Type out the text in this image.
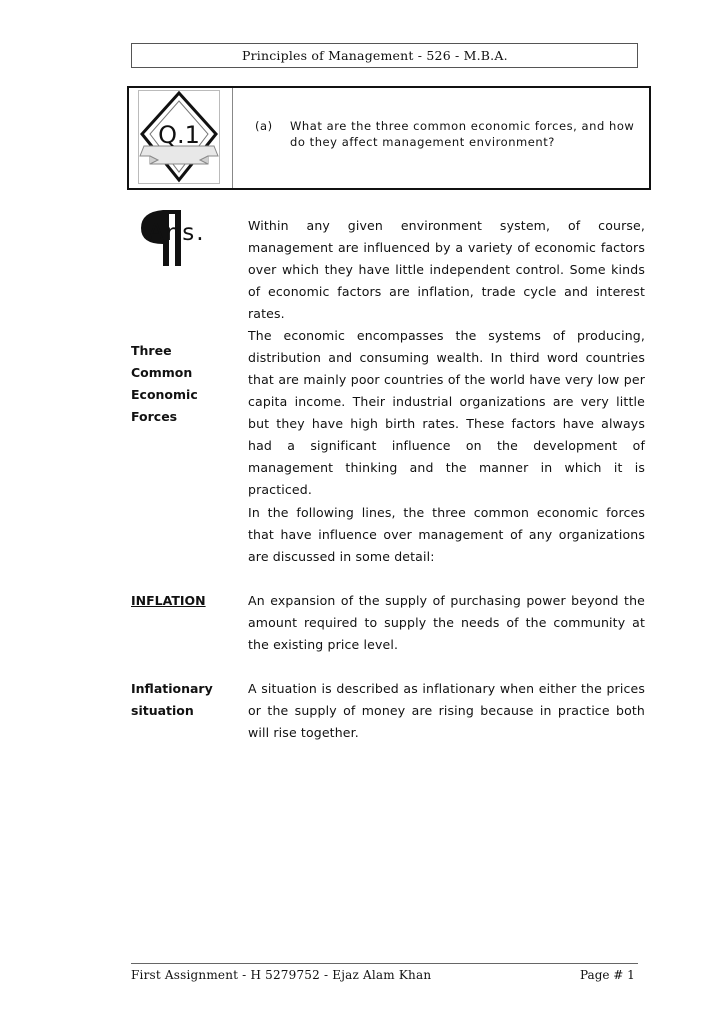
Principles of Management - 526 - M.B.A.
Q.1	(a) What are the three common economic forces, and how do they affect management environment?
Ans.	Within any given environment system, of course, management are influenced by a variety of economic factors over which they have little independent control. Some kinds of economic factors are inflation, trade cycle and interest rates.
Three
Common
Economic
Forces
The economic encompasses the systems of producing, distribution and consuming wealth. In third word countries that are mainly poor countries of the world have very low per capita income. Their industrial organizations are very little but they have high birth rates. These factors have always had a significant influence on the development of management thinking and the manner in which it is practiced.
In the following lines, the three common economic forces that have influence over management of any organizations are discussed in some detail:
INFLATION	An expansion of the supply of purchasing power beyond the amount required to supply the needs of the community at the existing price level.
Inflationary
situation
A situation is described as inflationary when either the prices or the supply of money are rising because in practice both will rise together.
First Assignment - H 5279752 - Ejaz Alam Khan	Page # 1
